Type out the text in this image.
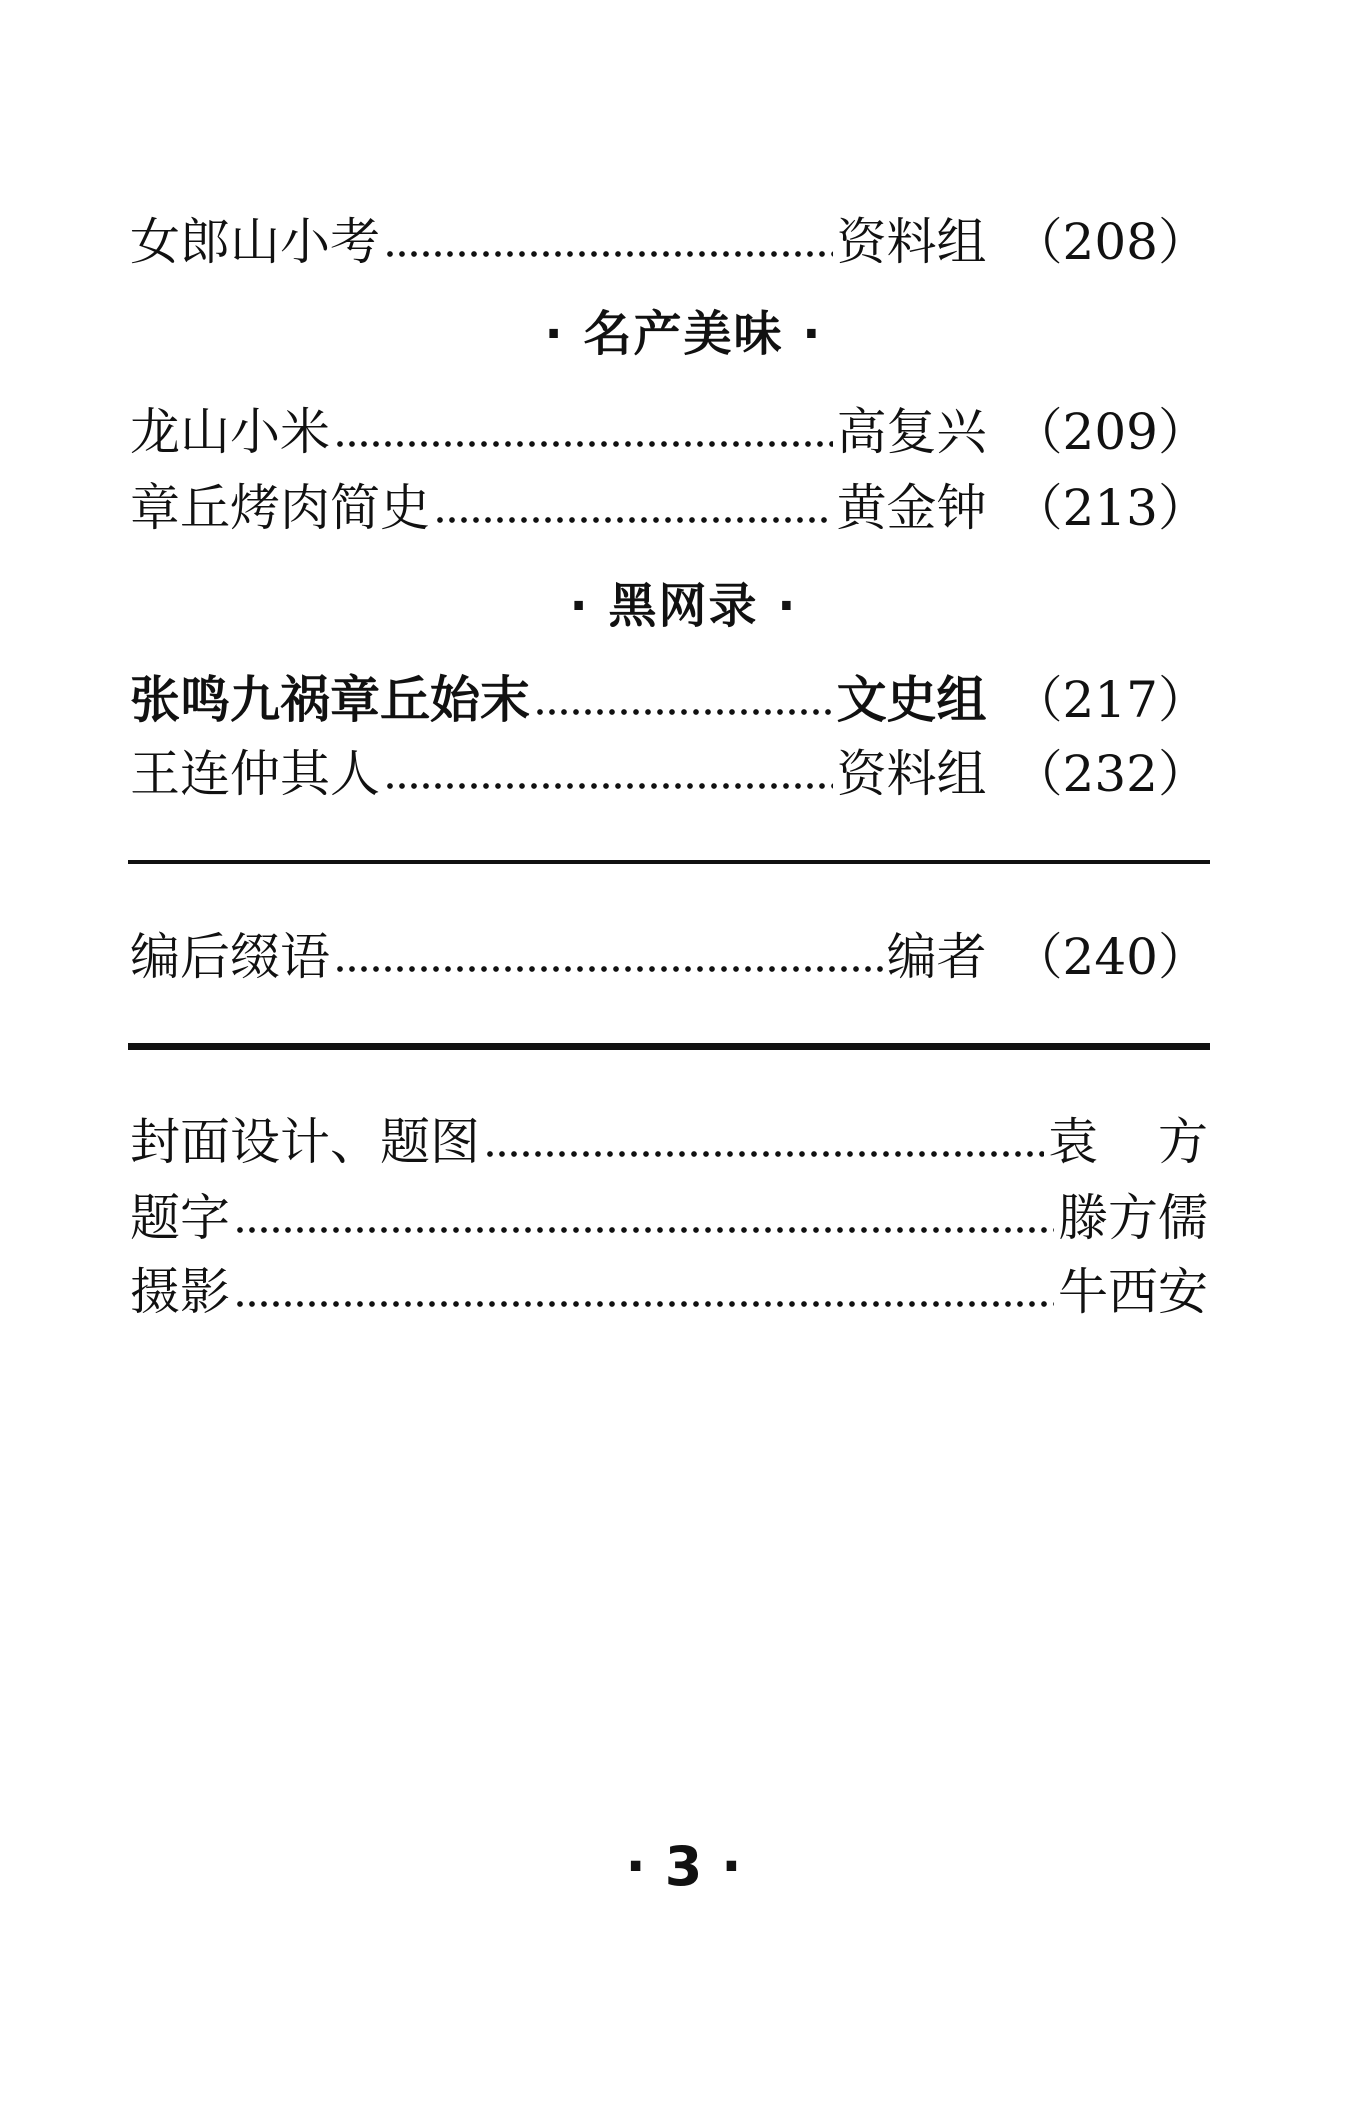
女郎山小考	资料组 （208）
· 名产美味 ·
龙山小米	高复兴 （209）
章丘烤肉简史	黄金钟 （213）
· 黑网录 ·
张鸣九祸章丘始末	文史组 （217）
王连仲其人	资料组 （232）
编后缀语	编者 （240）
封面设计、题图	袁方
题字	滕方儒
摄影	牛西安
· 3 ·
